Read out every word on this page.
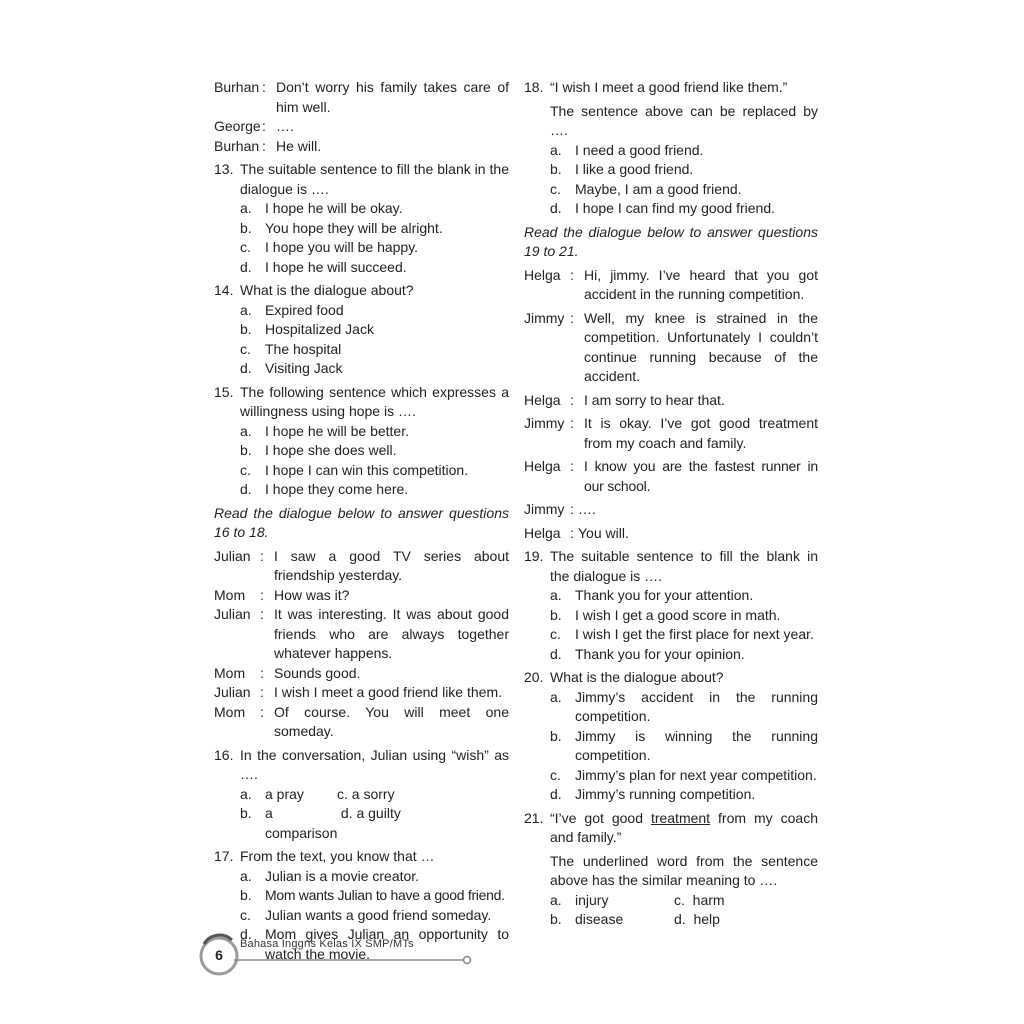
Burhan : Don’t worry his family takes care of him well.
George : ….
Burhan : He will.
13. The suitable sentence to fill the blank in the dialogue is ….
a. I hope he will be okay.
b. You hope they will be alright.
c.	I hope you will be happy.
d. I hope he will succeed.
14. What is the dialogue about?
a. Expired food
b. Hospitalized Jack
c.	The hospital
d. Visiting Jack
15. The following sentence which expresses a willingness using hope is ….
a. I hope he will be better.
b. I hope she does well.
c.	I hope I can win this competition.
d. I hope they come here.
Read the dialogue below to answer questions 16 to 18.
Julian : I saw a good TV series about friendship yesterday.
Mom	: How was it?
Julian : It was interesting. It was about good friends who are always together whatever happens.
Mom	: Sounds good.
Julian : I wish I meet a good friend like them.
Mom	: Of course. You will meet one someday.
16. In the conversation, Julian using “wish” as ….
a. a pray c. a sorry
b. a comparison
d. a guilty
17. From the text, you know that …
a. Julian is a movie creator.
b. Mom wants Julian to have a good friend.
c.	Julian wants a good friend someday.
d. Mom gives Julian an opportunity to watch the movie.
18. “I wish I meet a good friend like them.”
The sentence above can be replaced by ….
a. I need a good friend.
b. I like a good friend.
c.	Maybe, I am a good friend.
d. I hope I can find my good friend.
Read the dialogue below to answer questions 19 to 21.
Helga : Hi, jimmy. I’ve heard that you got accident in the running competition.
Jimmy : Well, my knee is strained in the competition. Unfortunately I couldn’t continue running because of the accident.
Helga : I am sorry to hear that.
Jimmy : It is okay. I’ve got good treatment from my coach and family.
Helga : I know you are the fastest runner in our school.
Jimmy : ….
Helga : You will.
19. The suitable sentence to fill the blank in the dialogue is ….
a. Thank you for your attention.
b. I wish I get a good score in math.
c.	I wish I get the first place for next year.
d. Thank you for your opinion.
20. What is the dialogue about?
a. Jimmy’s accident in the running competition.
b. Jimmy is winning the running competition.
c.	Jimmy’s plan for next year competition.
d. Jimmy’s running competition.
21. “I’ve got good treatment from my coach and family.”
The underlined word from the sentence above has the similar meaning to ….
a. injury	c. harm
b. disease	d. help
6
Bahasa Inggris Kelas IX SMP/MTs
